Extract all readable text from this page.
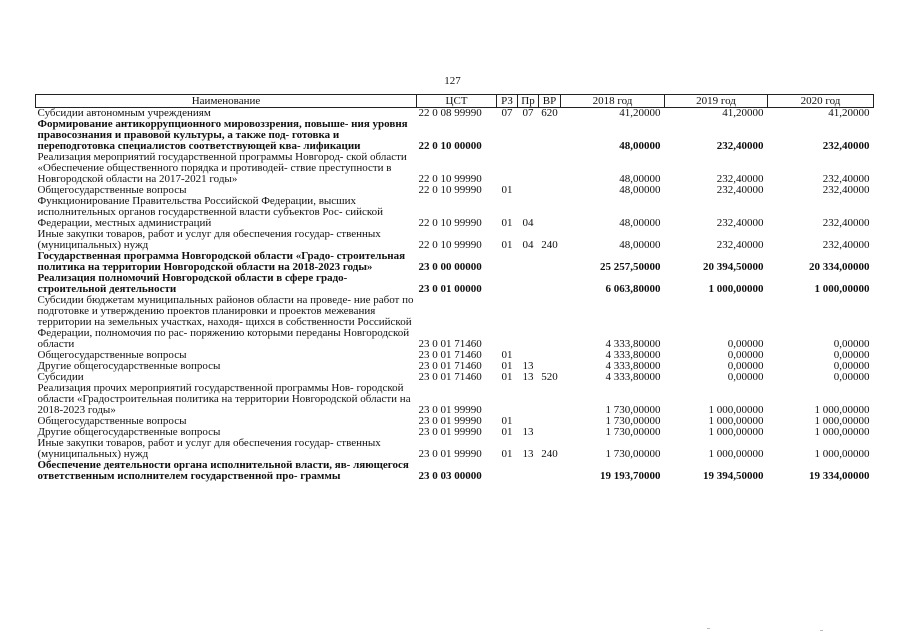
127
Наименование	ЦСТ	РЗ	Пр	ВР	2018 год	2019 год	2020 год
Субсидии автономным учреждениям	22 0 08 99990	07	07	620	41,20000	41,20000	41,20000
Формирование антикоррупционного мировоззрения, повыше- ния уровня правосознания и правовой культуры, а также под- готовка и переподготовка специалистов соответствующей ква- лификации	22 0 10 00000				48,00000	232,40000	232,40000
Реализация мероприятий государственной программы Новгород- ской области «Обеспечение общественного порядка и противодей- ствие преступности в Новгородской области на 2017-2021 годы»	22 0 10 99990				48,00000	232,40000	232,40000
Общегосударственные вопросы	22 0 10 99990	01			48,00000	232,40000	232,40000
Функционирование Правительства Российской Федерации, высших исполнительных органов государственной власти субъектов Рос- сийской Федерации, местных администраций	22 0 10 99990	01	04		48,00000	232,40000	232,40000
Иные закупки товаров, работ и услуг для обеспечения государ- ственных (муниципальных) нужд	22 0 10 99990	01	04	240	48,00000	232,40000	232,40000
Государственная программа Новгородской области «Градо- строительная политика на территории Новгородской области на 2018-2023 годы»	23 0 00 00000				25 257,50000	20 394,50000	20 334,00000
Реализация полномочий Новгородской области в сфере градо- строительной деятельности	23 0 01 00000				6 063,80000	1 000,00000	1 000,00000
Субсидии бюджетам муниципальных районов области на проведе- ние работ по подготовке и утверждению проектов планировки и проектов межевания территории на земельных участках, находя- щихся в собственности Российской Федерации, полномочия по рас- поряжению которыми переданы Новгородской области	23 0 01 71460				4 333,80000	0,00000	0,00000
Общегосударственные вопросы	23 0 01 71460	01			4 333,80000	0,00000	0,00000
Другие общегосударственные вопросы	23 0 01 71460	01	13		4 333,80000	0,00000	0,00000
Субсидии	23 0 01 71460	01	13	520	4 333,80000	0,00000	0,00000
Реализация прочих мероприятий государственной программы Нов- городской области «Градостроительная политика на территории Новгородской области на 2018-2023 годы»	23 0 01 99990				1 730,00000	1 000,00000	1 000,00000
Общегосударственные вопросы	23 0 01 99990	01			1 730,00000	1 000,00000	1 000,00000
Другие общегосударственные вопросы	23 0 01 99990	01	13		1 730,00000	1 000,00000	1 000,00000
Иные закупки товаров, работ и услуг для обеспечения государ- ственных (муниципальных) нужд	23 0 01 99990	01	13	240	1 730,00000	1 000,00000	1 000,00000
Обеспечение деятельности органа исполнительной власти, яв- ляющегося ответственным исполнителем государственной про- граммы	23 0 03 00000				19 193,70000	19 394,50000	19 334,00000
